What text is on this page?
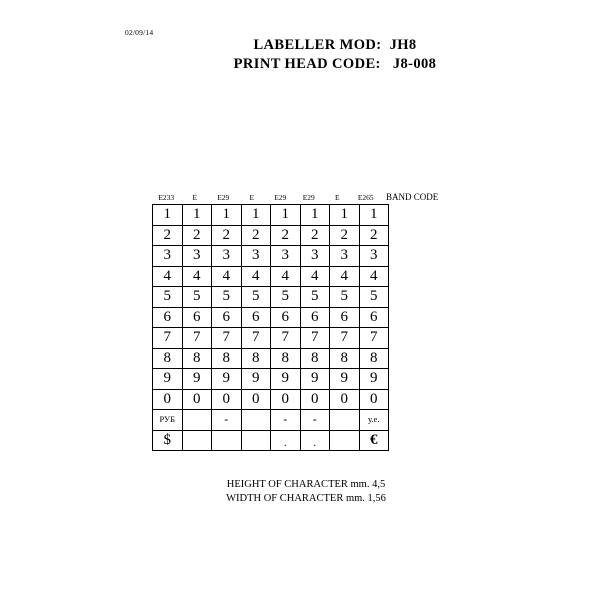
02/09/14
LABELLER MOD:  JH8
PRINT HEAD CODE:   J8-008
E233	E	E29	E	E29	E29	E	E265	BAND CODE
1	1	1	1	1	1	1	1
2	2	2	2	2	2	2	2
3	3	3	3	3	3	3	3
4	4	4	4	4	4	4	4
5	5	5	5	5	5	5	5
6	6	6	6	6	6	6	6
7	7	7	7	7	7	7	7
8	8	8	8	8	8	8	8
9	9	9	9	9	9	9	9
0	0	0	0	0	0	0	0
РУБ		-		-	-		у.е.
$				.	.		€
HEIGHT OF CHARACTER mm. 4,5
WIDTH OF CHARACTER mm. 1,56
